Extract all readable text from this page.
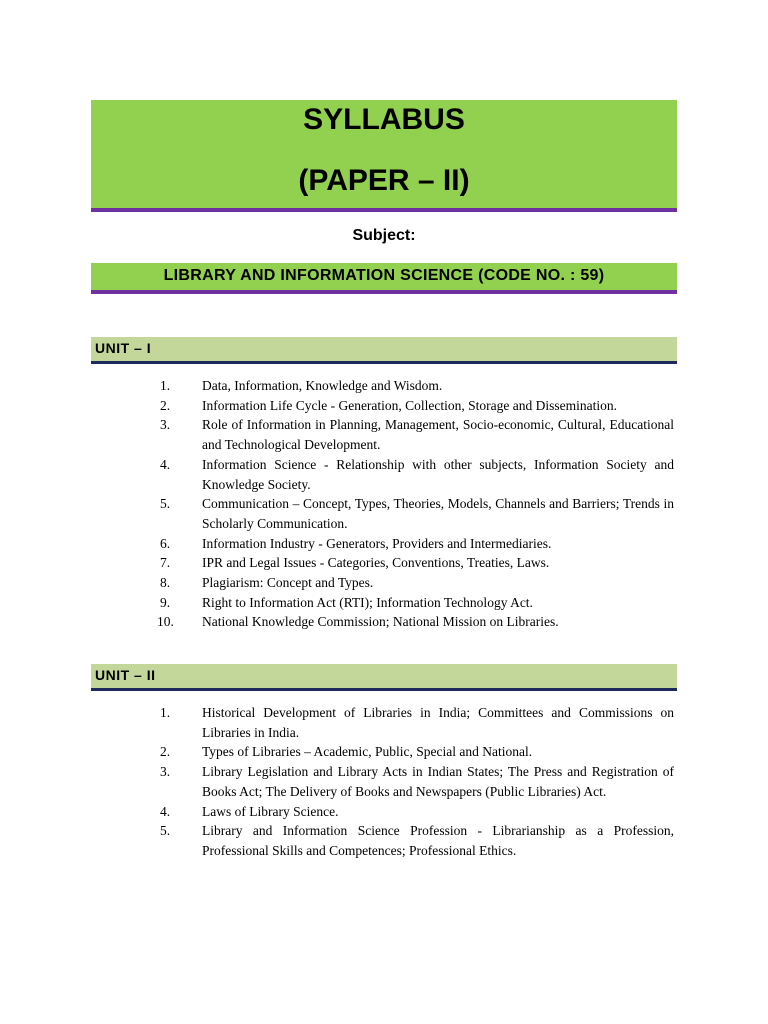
SYLLABUS
(PAPER – II)
Subject:
LIBRARY AND INFORMATION SCIENCE (CODE NO. : 59)
UNIT – I
1.	Data, Information, Knowledge and Wisdom.
2.	Information Life Cycle - Generation, Collection, Storage and Dissemination.
3.	Role of Information in Planning, Management, Socio-economic, Cultural, Educational and Technological Development.
4.	Information Science - Relationship with other subjects, Information Society and Knowledge Society.
5.	Communication – Concept, Types, Theories, Models, Channels and Barriers; Trends in Scholarly Communication.
6.	Information Industry - Generators, Providers and Intermediaries.
7.	IPR and Legal Issues - Categories, Conventions, Treaties, Laws.
8.	Plagiarism: Concept and Types.
9.	Right to Information Act (RTI); Information Technology Act.
10.	National Knowledge Commission; National Mission on Libraries.
UNIT – II
1.	Historical Development of Libraries in India; Committees and Commissions on Libraries in India.
2.	Types of Libraries – Academic, Public, Special and National.
3.	Library Legislation and Library Acts in Indian States; The Press and Registration of Books Act; The Delivery of Books and Newspapers (Public Libraries) Act.
4.	Laws of Library Science.
5.	Library and Information Science Profession - Librarianship as a Profession, Professional Skills and Competences; Professional Ethics.
